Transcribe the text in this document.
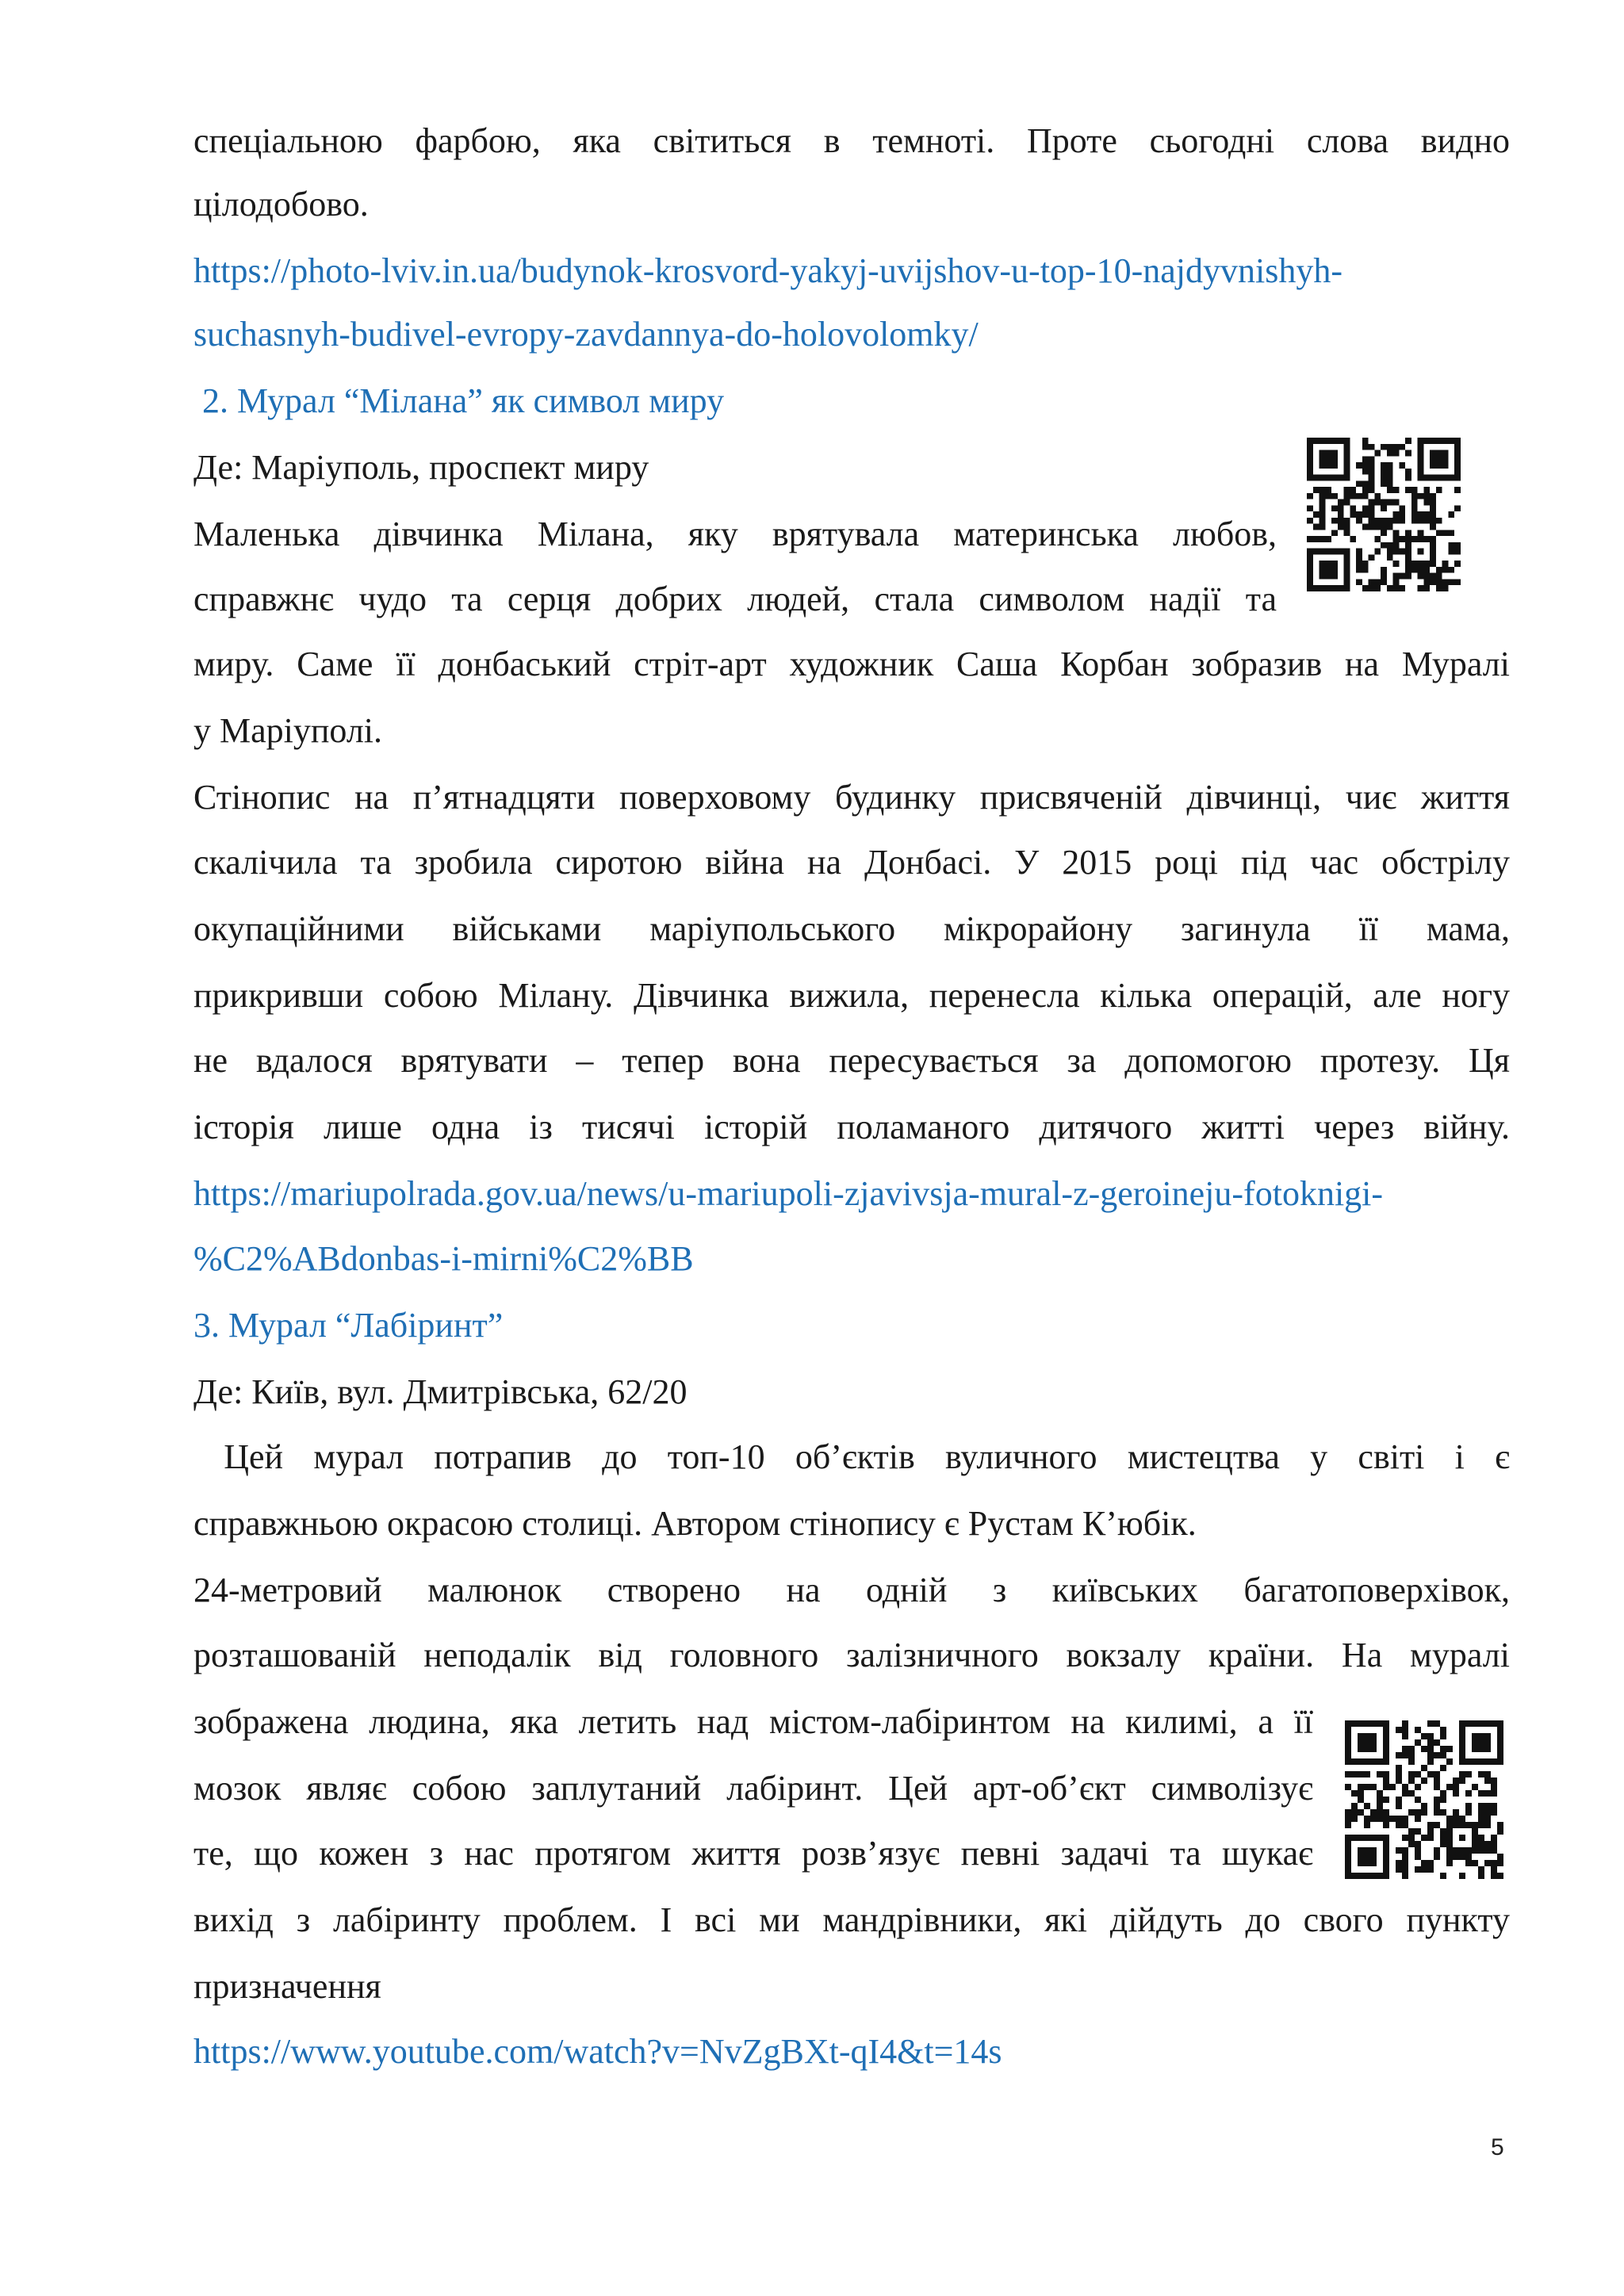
спеціальною фарбою, яка світиться в темноті. Проте сьогодні слова видно
цілодобово.
https://photo-lviv.in.ua/budynok-krosvord-yakyj-uvijshov-u-top-10-najdyvnishyh-
suchasnyh-budivel-evropy-zavdannya-do-holovolomky/
2. Мурал “Мілана” як символ миру
Де: Маріуполь, проспект миру
Маленька дівчинка Мілана, яку врятувала материнська любов,
справжнє чудо та серця добрих людей, стала символом надії та
миру. Саме її донбаський стріт-арт художник Саша Корбан зобразив на Муралі
у Маріуполі.
Стінопис на п’ятнадцяти поверховому будинку присвяченій дівчинці, чиє життя
скалічила та зробила сиротою війна на Донбасі. У 2015 році під час обстрілу
окупаційними військами маріупольського мікрорайону загинула її мама,
прикривши собою Мілану. Дівчинка вижила, перенесла кілька операцій, але ногу
не вдалося врятувати – тепер вона пересувається за допомогою протезу. Ця
історія лише одна із тисячі історій поламаного дитячого житті через війну.
https://mariupolrada.gov.ua/news/u-mariupoli-zjavivsja-mural-z-geroineju-fotoknigi-
%C2%ABdonbas-i-mirni%C2%BB
3. Мурал “Лабіринт”
Де: Київ, вул. Дмитрівська, 62/20
Цей мурал потрапив до топ-10 об’єктів вуличного мистецтва у світі і є
справжньою окрасою столиці. Автором стінопису є Рустам К’юбік.
24-метровий малюнок створено на одній з київських багатоповерхівок,
розташованій неподалік від головного залізничного вокзалу країни. На муралі
зображена людина, яка летить над містом-лабіринтом на килимі, а її
мозок являє собою заплутаний лабіринт. Цей арт-об’єкт символізує
те, що кожен з нас протягом життя розв’язує певні задачі та шукає
вихід з лабіринту проблем. І всі ми мандрівники, які дійдуть до свого пункту
призначення
https://www.youtube.com/watch?v=NvZgBXt-qI4&t=14s
5
